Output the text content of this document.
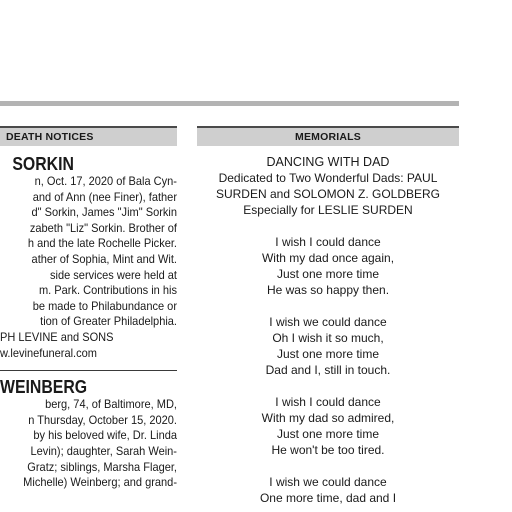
DEATH NOTICES
SORKIN
n, Oct. 17, 2020 of Bala Cyn-
and of Ann (nee Finer), father
d" Sorkin, James "Jim" Sorkin
zabeth "Liz" Sorkin. Brother of
h and the late Rochelle Picker.
ather of Sophia, Mint and Wit.
side services were held at
m. Park. Contributions in his
be made to Philabundance or
tion of Greater Philadelphia.
PH LEVINE and SONS
w.levinefuneral.com
WEINBERG
berg, 74, of Baltimore, MD,
n Thursday, October 15, 2020.
by his beloved wife, Dr. Linda
Levin); daughter, Sarah Wein-
Gratz; siblings, Marsha Flager,
Michelle) Weinberg; and grand-
MEMORIALS
DANCING WITH DAD
Dedicated to Two Wonderful Dads: PAUL
SURDEN and SOLOMON Z. GOLDBERG
Especially for LESLIE SURDEN
I wish I could dance
With my dad once again,
Just one more time
He was so happy then.
I wish we could dance
Oh I wish it so much,
Just one more time
Dad and I, still in touch.
I wish I could dance
With my dad so admired,
Just one more time
He won't be too tired.
I wish we could dance
One more time, dad and I
